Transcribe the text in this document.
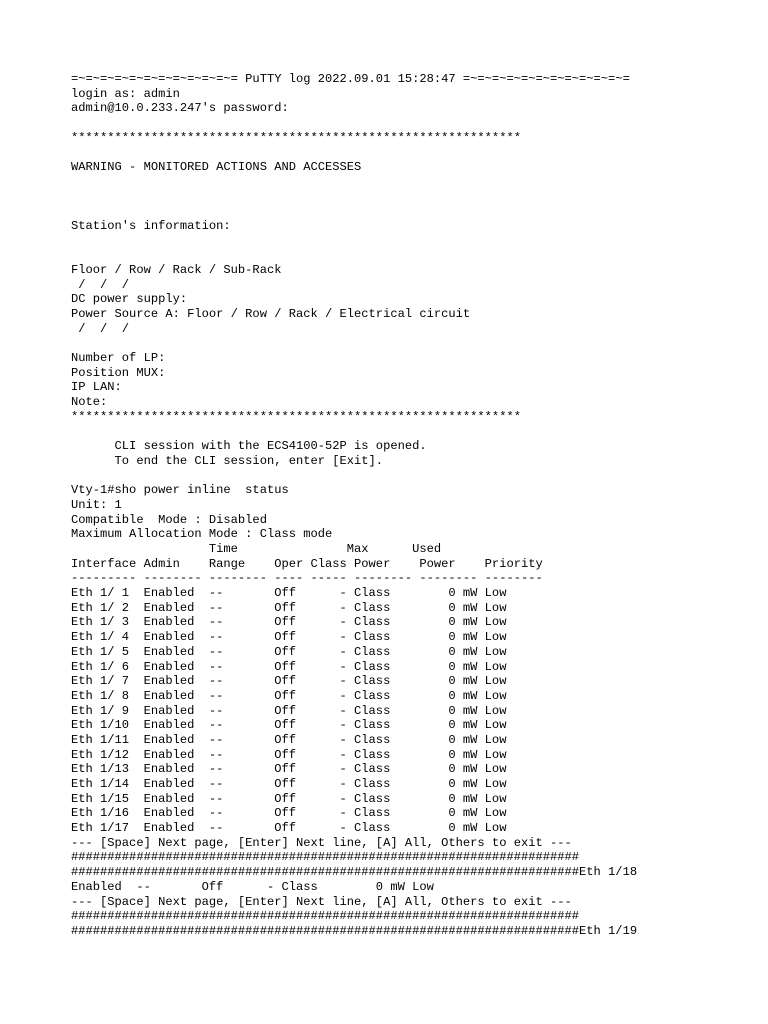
=~=~=~=~=~=~=~=~=~=~=~= PuTTY log 2022.09.01 15:28:47 =~=~=~=~=~=~=~=~=~=~=~=
login as: admin
admin@10.0.233.247's password:
**************************************************************
WARNING - MONITORED ACTIONS AND ACCESSES
Station's information:
Floor / Row / Rack / Sub-Rack
/  /  /
DC power supply:
Power Source A: Floor / Row / Rack / Electrical circuit
/  /  /
Number of LP:
Position MUX:
IP LAN:
Note:
**************************************************************
CLI session with the ECS4100-52P is opened.
To end the CLI session, enter [Exit].
Vty-1#sho power inline  status
Unit: 1
Compatible  Mode : Disabled
Maximum Allocation Mode : Class mode
Time               Max      Used
Interface Admin    Range    Oper Class Power    Power    Priority
--------- -------- -------- ---- ----- -------- -------- --------
Eth 1/ 1  Enabled  --       Off      - Class        0 mW Low
Eth 1/ 2  Enabled  --       Off      - Class        0 mW Low
Eth 1/ 3  Enabled  --       Off      - Class        0 mW Low
Eth 1/ 4  Enabled  --       Off      - Class        0 mW Low
Eth 1/ 5  Enabled  --       Off      - Class        0 mW Low
Eth 1/ 6  Enabled  --       Off      - Class        0 mW Low
Eth 1/ 7  Enabled  --       Off      - Class        0 mW Low
Eth 1/ 8  Enabled  --       Off      - Class        0 mW Low
Eth 1/ 9  Enabled  --       Off      - Class        0 mW Low
Eth 1/10  Enabled  --       Off      - Class        0 mW Low
Eth 1/11  Enabled  --       Off      - Class        0 mW Low
Eth 1/12  Enabled  --       Off      - Class        0 mW Low
Eth 1/13  Enabled  --       Off      - Class        0 mW Low
Eth 1/14  Enabled  --       Off      - Class        0 mW Low
Eth 1/15  Enabled  --       Off      - Class        0 mW Low
Eth 1/16  Enabled  --       Off      - Class        0 mW Low
Eth 1/17  Enabled  --       Off      - Class        0 mW Low
--- [Space] Next page, [Enter] Next line, [A] All, Others to exit ---
######################################################################
######################################################################Eth 1/18
Enabled  --       Off      - Class        0 mW Low
--- [Space] Next page, [Enter] Next line, [A] All, Others to exit ---
######################################################################
######################################################################Eth 1/19
